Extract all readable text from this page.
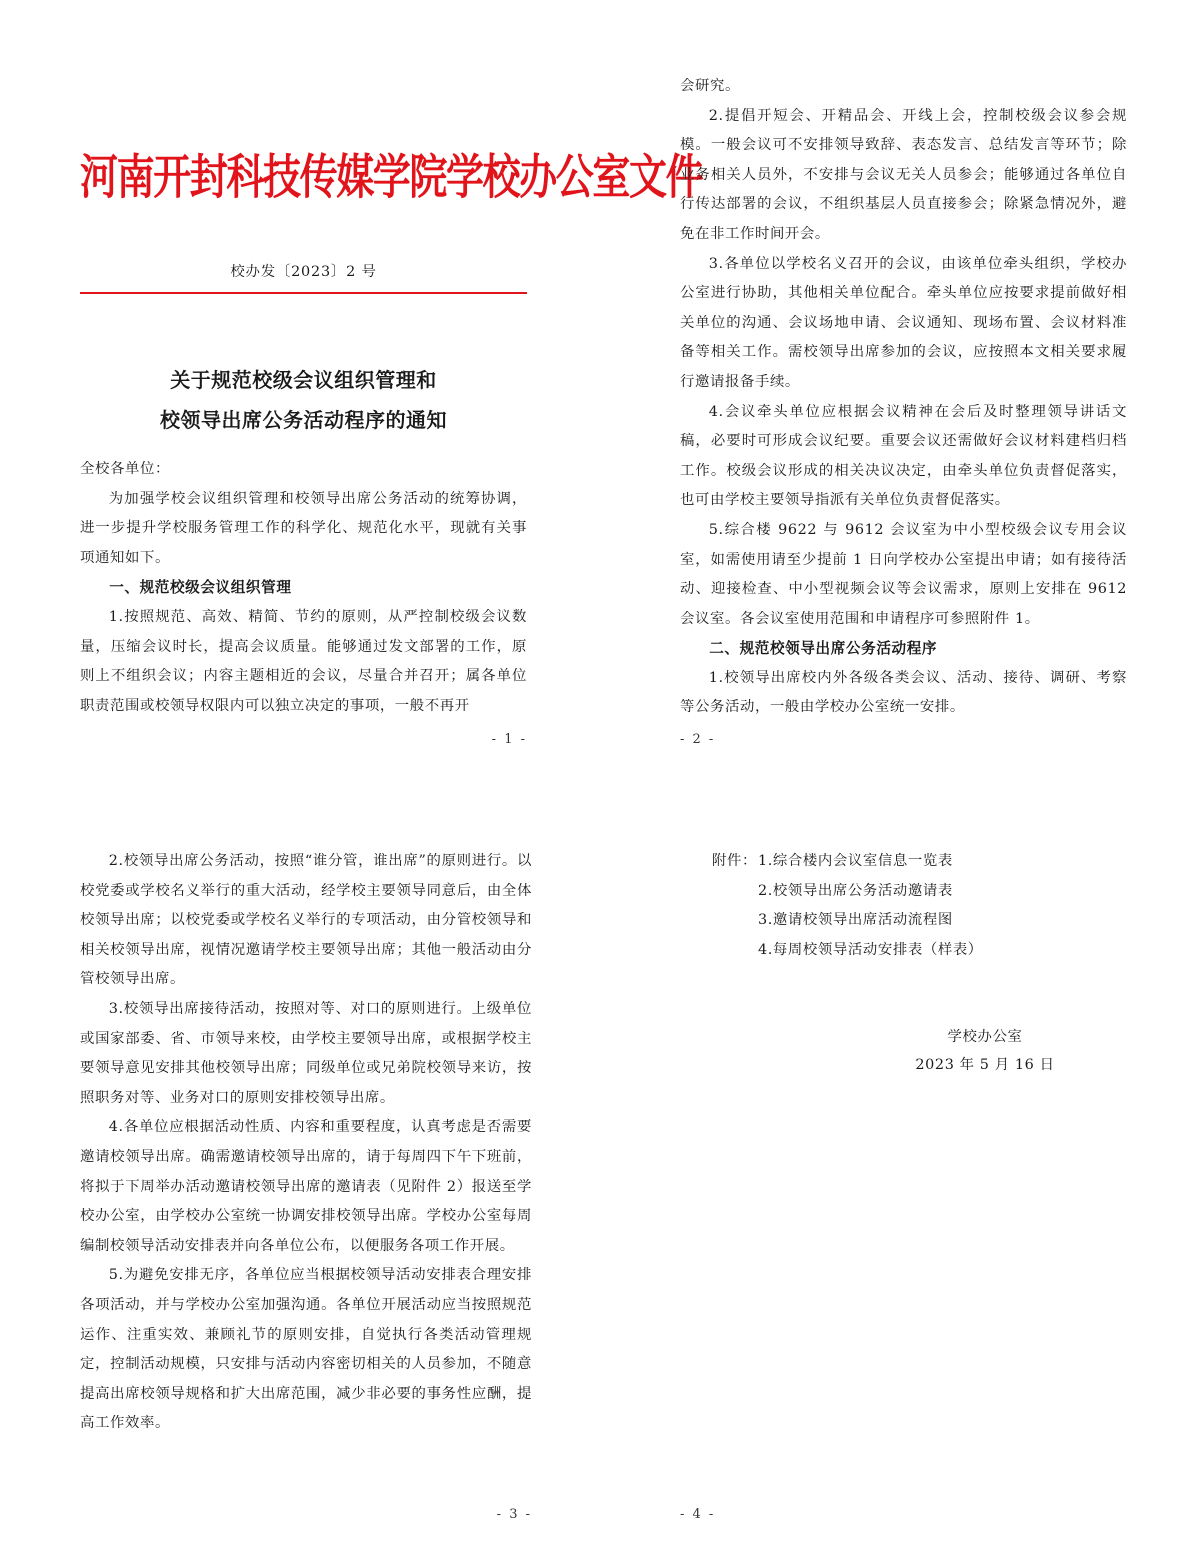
河南开封科技传媒学院学校办公室文件
校办发〔2023〕2 号
关于规范校级会议组织管理和
校领导出席公务活动程序的通知

全校各单位：

为加强学校会议组织管理和校领导出席公务活动的统筹协调，进一步提升学校服务管理工作的科学化、规范化水平，现就有关事项通知如下。

一、规范校级会议组织管理

1.按照规范、高效、精简、节约的原则，从严控制校级会议数量，压缩会议时长，提高会议质量。能够通过发文部署的工作，原则上不组织会议；内容主题相近的会议，尽量合并召开；属各单位职责范围或校领导权限内可以独立决定的事项，一般不再开

- 1 -

会研究。

2.提倡开短会、开精品会、开线上会，控制校级会议参会规模。一般会议可不安排领导致辞、表态发言、总结发言等环节；除业务相关人员外，不安排与会议无关人员参会；能够通过各单位自行传达部署的会议，不组织基层人员直接参会；除紧急情况外，避免在非工作时间开会。

3.各单位以学校名义召开的会议，由该单位牵头组织，学校办公室进行协助，其他相关单位配合。牵头单位应按要求提前做好相关单位的沟通、会议场地申请、会议通知、现场布置、会议材料准备等相关工作。需校领导出席参加的会议，应按照本文相关要求履行邀请报备手续。

4.会议牵头单位应根据会议精神在会后及时整理领导讲话文稿，必要时可形成会议纪要。重要会议还需做好会议材料建档归档工作。校级会议形成的相关决议决定，由牵头单位负责督促落实，也可由学校主要领导指派有关单位负责督促落实。

5.综合楼 9622 与 9612 会议室为中小型校级会议专用会议室，如需使用请至少提前 1 日向学校办公室提出申请；如有接待活动、迎接检查、中小型视频会议等会议需求，原则上安排在 9612 会议室。各会议室使用范围和申请程序可参照附件 1。

二、规范校领导出席公务活动程序

1.校领导出席校内外各级各类会议、活动、接待、调研、考察等公务活动，一般由学校办公室统一安排。

- 2 -

2.校领导出席公务活动，按照“谁分管，谁出席”的原则进行。以校党委或学校名义举行的重大活动，经学校主要领导同意后，由全体校领导出席；以校党委或学校名义举行的专项活动，由分管校领导和相关校领导出席，视情况邀请学校主要领导出席；其他一般活动由分管校领导出席。

3.校领导出席接待活动，按照对等、对口的原则进行。上级单位或国家部委、省、市领导来校，由学校主要领导出席，或根据学校主要领导意见安排其他校领导出席；同级单位或兄弟院校领导来访，按照职务对等、业务对口的原则安排校领导出席。

4.各单位应根据活动性质、内容和重要程度，认真考虑是否需要邀请校领导出席。确需邀请校领导出席的，请于每周四下午下班前，将拟于下周举办活动邀请校领导出席的邀请表（见附件 2）报送至学校办公室，由学校办公室统一协调安排校领导出席。学校办公室每周编制校领导活动安排表并向各单位公布，以便服务各项工作开展。

5.为避免安排无序，各单位应当根据校领导活动安排表合理安排各项活动，并与学校办公室加强沟通。各单位开展活动应当按照规范运作、注重实效、兼顾礼节的原则安排，自觉执行各类活动管理规定，控制活动规模，只安排与活动内容密切相关的人员参加，不随意提高出席校领导规格和扩大出席范围，减少非必要的事务性应酬，提高工作效率。

- 3 -
附件：1.综合楼内会议室信息一览表
2.校领导出席公务活动邀请表
3.邀请校领导出席活动流程图
4.每周校领导活动安排表（样表）
学校办公室
2023 年 5 月 16 日
- 4 -
